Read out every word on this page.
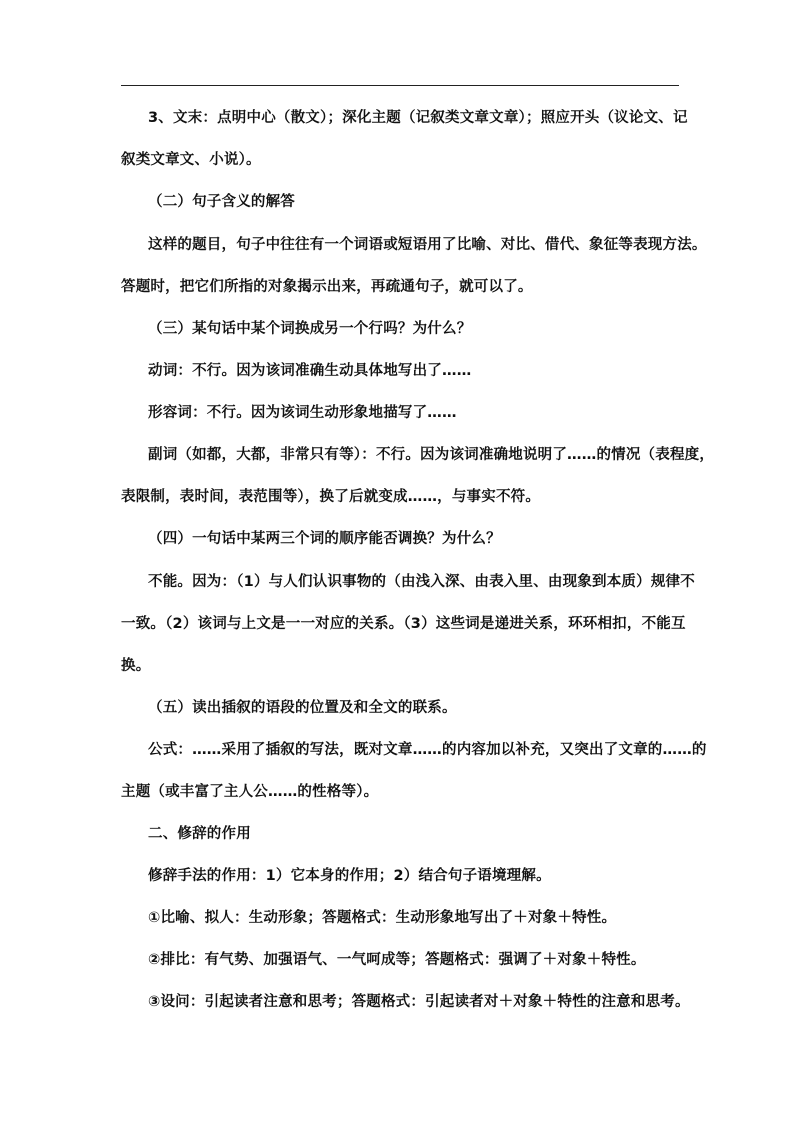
3、文末：点明中心（散文）；深化主题（记叙类文章文章）；照应开头（议论文、记
叙类文章文、小说）。
（二）句子含义的解答
这样的题目，句子中往往有一个词语或短语用了比喻、对比、借代、象征等表现方法。
答题时，把它们所指的对象揭示出来，再疏通句子，就可以了。
（三）某句话中某个词换成另一个行吗？为什么？
动词：不行。因为该词准确生动具体地写出了……
形容词：不行。因为该词生动形象地描写了……
副词（如都，大都，非常只有等）：不行。因为该词准确地说明了……的情况（表程度，
表限制，表时间，表范围等），换了后就变成……，与事实不符。
（四）一句话中某两三个词的顺序能否调换？为什么？
不能。因为：（1）与人们认识事物的（由浅入深、由表入里、由现象到本质）规律不
一致。（2）该词与上文是一一对应的关系。（3）这些词是递进关系，环环相扣，不能互
换。
（五）读出插叙的语段的位置及和全文的联系。
公式：……采用了插叙的写法，既对文章……的内容加以补充，又突出了文章的……的
主题（或丰富了主人公……的性格等）。
二、修辞的作用
修辞手法的作用：1）它本身的作用；2）结合句子语境理解。
①比喻、拟人：生动形象；答题格式：生动形象地写出了＋对象＋特性。
②排比：有气势、加强语气、一气呵成等；答题格式：强调了＋对象＋特性。
③设问：引起读者注意和思考；答题格式：引起读者对＋对象＋特性的注意和思考。
